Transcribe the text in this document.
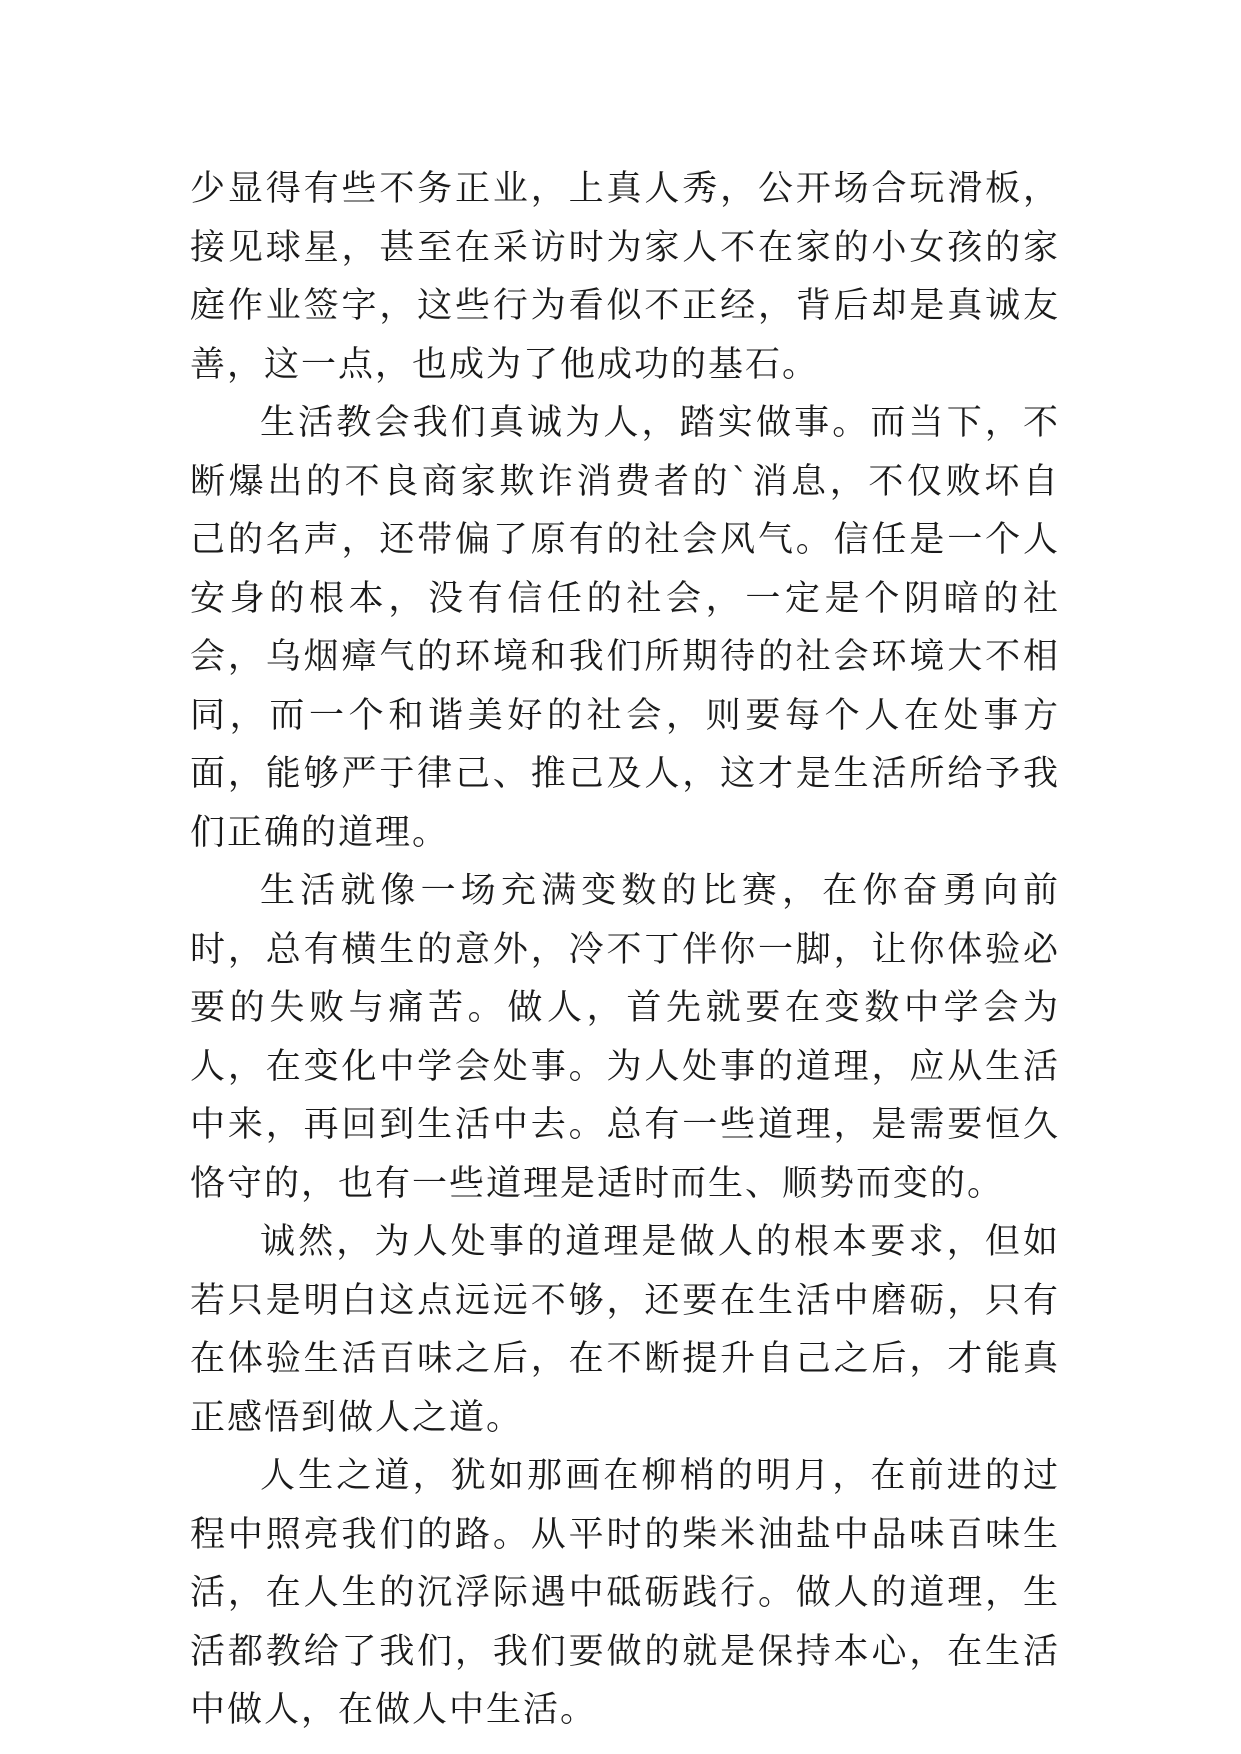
少显得有些不务正业，上真人秀，公开场合玩滑板，接见球星，甚至在采访时为家人不在家的小女孩的家庭作业签字，这些行为看似不正经，背后却是真诚友善，这一点，也成为了他成功的基石。

生活教会我们真诚为人，踏实做事。而当下，不断爆出的不良商家欺诈消费者的`消息，不仅败坏自己的名声，还带偏了原有的社会风气。信任是一个人安身的根本，没有信任的社会，一定是个阴暗的社会，乌烟瘴气的环境和我们所期待的社会环境大不相同，而一个和谐美好的社会，则要每个人在处事方面，能够严于律己、推己及人，这才是生活所给予我们正确的道理。

生活就像一场充满变数的比赛，在你奋勇向前时，总有横生的意外，冷不丁伴你一脚，让你体验必要的失败与痛苦。做人，首先就要在变数中学会为人，在变化中学会处事。为人处事的道理，应从生活中来，再回到生活中去。总有一些道理，是需要恒久恪守的，也有一些道理是适时而生、顺势而变的。

诚然，为人处事的道理是做人的根本要求，但如若只是明白这点远远不够，还要在生活中磨砺，只有在体验生活百味之后，在不断提升自己之后，才能真正感悟到做人之道。

人生之道，犹如那画在柳梢的明月，在前进的过程中照亮我们的路。从平时的柴米油盐中品味百味生活，在人生的沉浮际遇中砥砺践行。做人的道理，生活都教给了我们，我们要做的就是保持本心，在生活中做人，在做人中生活。
